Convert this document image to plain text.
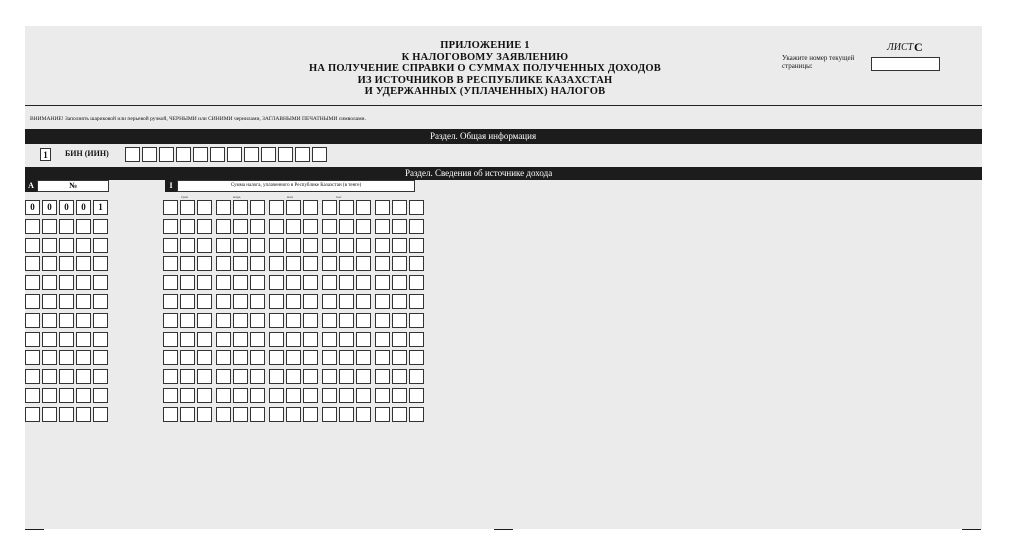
ПРИЛОЖЕНИЕ 1
К НАЛОГОВОМУ ЗАЯВЛЕНИЮ
НА ПОЛУЧЕНИЕ СПРАВКИ О СУММАХ ПОЛУЧЕННЫХ ДОХОДОВ
ИЗ ИСТОЧНИКОВ В РЕСПУБЛИКЕ КАЗАХСТАН
И УДЕРЖАННЫХ (УПЛАЧЕННЫХ) НАЛОГОВ
Укажите номер текущей страницы:
ЛИСТ С
ВНИМАНИЕ! Заполнять шариковой или перьевой ручкой, ЧЕРНЫМИ или СИНИМИ чернилами, ЗАГЛАВНЫМИ ПЕЧАТНЫМИ символами.
Раздел. Общая информация
1	БИН (ИИН)
Раздел. Сведения об источнике дохода
A	№	I	Сумма налога, уплаченного в Республике Казахстан (в тенге)
трлн	млрд	млн	тыс
0	0	0	0	1
